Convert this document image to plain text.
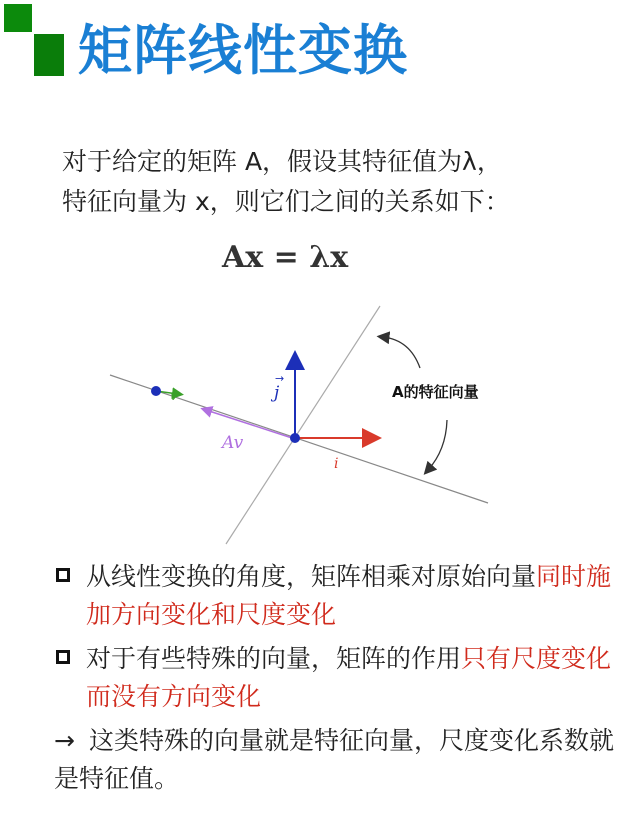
矩阵线性变换
对于给定的矩阵 A，假设其特征值为λ，
特征向量为 x，则它们之间的关系如下：
Ax = λx
j
→
i
v
Av
A的特征向量
从线性变换的角度，矩阵相乘对原始向量同时施加方向变化和尺度变化
对于有些特殊的向量，矩阵的作用只有尺度变化而没有方向变化
→ 这类特殊的向量就是特征向量，尺度变化系数就是特征值。
